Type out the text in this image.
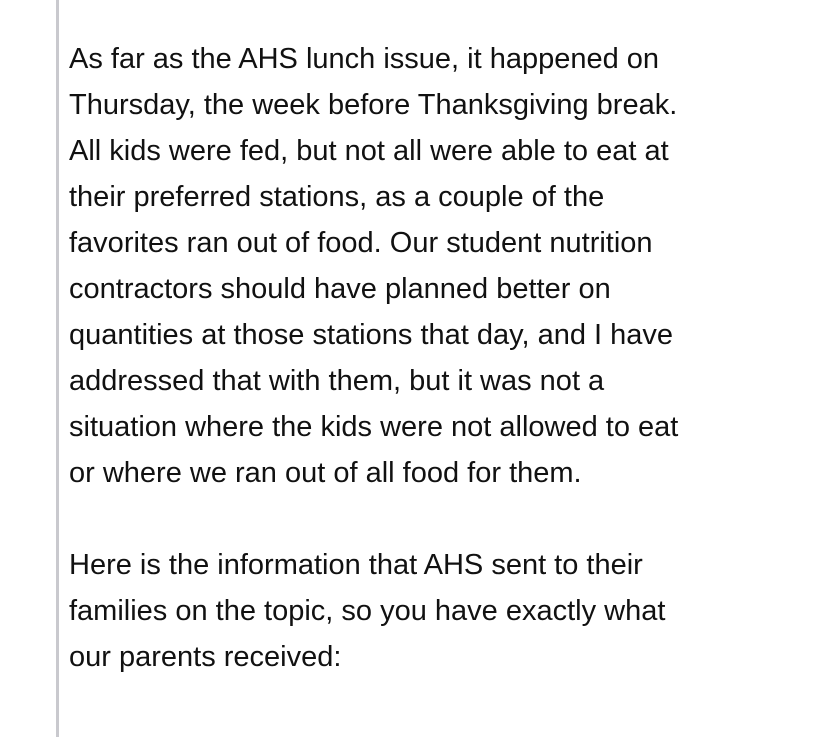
As far as the AHS lunch issue, it happened on
Thursday, the week before Thanksgiving break.
All kids were fed, but not all were able to eat at
their preferred stations, as a couple of the
favorites ran out of food. Our student nutrition
contractors should have planned better on
quantities at those stations that day, and I have
addressed that with them, but it was not a
situation where the kids were not allowed to eat
or where we ran out of all food for them.

Here is the information that AHS sent to their
families on the topic, so you have exactly what
our parents received:
